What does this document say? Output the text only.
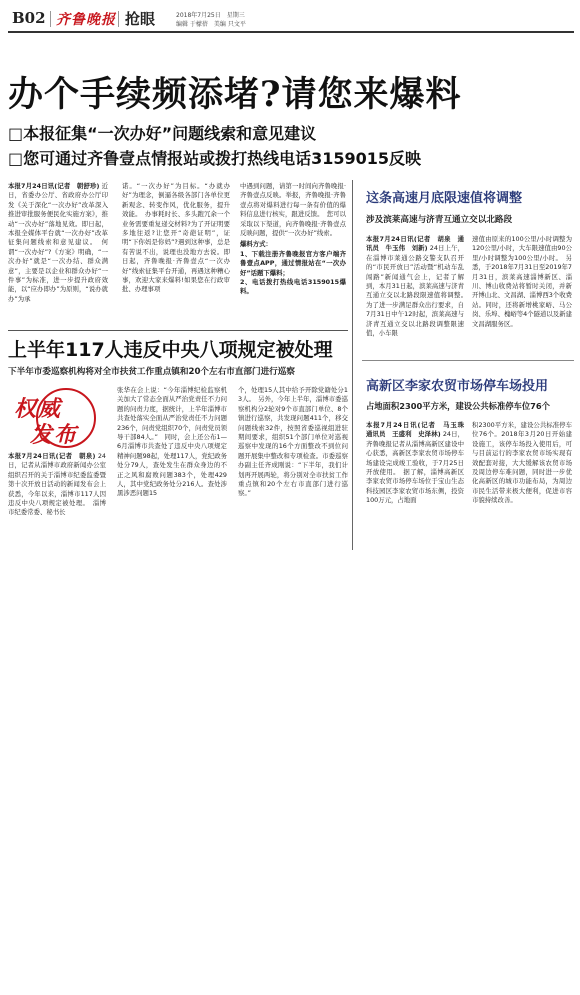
B02 齐鲁晚报 抢眼	2018年7月25日　星期三
编辑 于檬蓓　美编 只文平
办个手续频添堵?请您来爆料
□本报征集“一次办好”问题线索和意见建议
□您可通过齐鲁壹点情报站或拨打热线电话3159015反映
本报7月24日讯(记者　朝舒珍) 近日，省委办公厅、省政府办公厅印发《关于深化“一次办好”改革深入推进审批服务便民化实施方案》，推动“一次办好”落地见效。即日起，本报全媒体平台就“一次办好”改革征集问题线索和意见建议。　何谓“一次办好”?《方案》明确，“一次办好”就是“一次办结、群众满意”，主要是以企业和群众办好“一件事”为标准，进一步提升政府效能，以“应办即办”为原则，“说办就办”为承
诺。“一次办好”为目标。“办就办好”为理念，倒逼各级各部门各单位更新观念、转变作风，优化服务，提升效能。　办事耗时长、多头跑冗余一个业务需要重复递交材料?为了开证明要多地往返?让您开“奇葩证明”，证明“下你妈是你妈”?遇到这种事，总是有苦说不出，说理也没地方去说。即日起，齐鲁晚报·齐鲁壹点“一次办好”线索征集平台开通，再遇这种糟心事，欢迎大家来爆料!如果您在行政审批、办理事项
中遇到问题，请第一时间向齐鲁晚报·齐鲁壹点反映。举报，齐鲁晚报·齐鲁壹点将对爆料进行每一条有价值的爆料信息进行核实，跟进反馈。　您可以采取以下渠道，向齐鲁晚报·齐鲁壹点反映问题，提供“一次办好”线索。
爆料方式：
1、下载注册齐鲁晚报官方客户端齐鲁壹点APP，通过情报站在“一次办好”话题下爆料；
2、电话拨打热线电话3159015爆料。
上半年117人违反中央八项规定被处理
下半年市委巡察机构将对全市扶贫工作重点镇和20个左右市直部门进行巡察
权威
发布
本报7月24日讯(记者　朝泉) 24日，记者从淄博市政府新闻办公室组织召开的关于淄博市纪委监委暨第十次开放日活动的新闻发布会上获悉，今年以来，淄博市117人因违反中央八项规定被处理。　淄博市纪委常委、秘书长
张华在会上说：“今年淄博纪检监察机关加大了常态全面从严治党责任不力问题的问责力度，据统计，上半年淄博市共查处落实全面从严治党责任不力问题236个，问责党组织70个，问责党员领导干部84人。”　同时，会上还公布1—6月淄博市共查处了违反中央八项规定精神问题98起，处理117人，党纪政务处分79人，查处发生在群众身边的不正之风和腐败问题383个，处理429人，其中党纪政务处分216人。查处涉黑涉恶问题15
个，处理15人其中给予开除党籍处分13人。　另外，今年上半年，淄博市委巡察机构分2轮对9个市直部门单位、8个镇进行巡察，共发现问题411个，移交问题线索32件，按照省委巡视组进驻期间要求，组织51个部门单位对巡视巡察中发现的16个方面整改不到位问题开展集中整改和专项检查。市委巡察办副主任齐成刚说：“下半年，我们计划再开展两轮，将分别对全市扶贫工作重点镇和20个左右市直部门进行巡察。”
这条高速月底限速值将调整
涉及滨莱高速与济青互通立交以北路段
本报7月24日讯(记者　胡泉　通讯员　牛玉伟　刘新) 24日上午，在淄博市莱通公路交警支队召开的“市民开放日”活动暨“机动车乱闯路”新闻通气会上，记者了解到，本月31日起，滨莱高速与济青互通立交以北路段限速值将调整。　为了进一步满足群众出行要求，自7月31日中午12时起，滨莱高速与济青互通立交以北路段调整限速值，小车限
速值由原来的100公里/小时调整为120公里/小时，大车限速值由90公里/小时调整为100公里/小时。　另悉，于2018年7月31日至2019年7月31日，滨莱高速淄博新区、淄川、博山收费站将暂时关闭，并新开博山北、文昌湖、淄博西3个收费站。同时，还将新增桃家峪、马公岗、乐埠、槐峪等4个隧道以及新建文昌湖服务区。
高新区李家农贸市场停车场投用
占地面积2300平方米，建设公共标准停车位76个
本报7月24日讯(记者　马玉珠　通讯员　王盛利　史泽林) 24日，齐鲁晚报记者从淄博高新区建设中心获悉，高新区李家农贸市场停车场建设完成竣工验收，于7月25日开放使用。　据了解，淄博高新区李家农贸市场停车场位于宝山生态科技园区李家农贸市场东侧，投资100万元，占地面
积2300平方米，建设公共标准停车位76个。2018年3月20日开始建设施工，该停车场投入使用后，可与目前运行的李家农贸市场实现有效配套对接，大大缓解该农贸市场及周边停车难问题，同时进一步优化高新区的城市功能布局，为周边市民生活带来极大便利，促进市容市貌持续改善。
